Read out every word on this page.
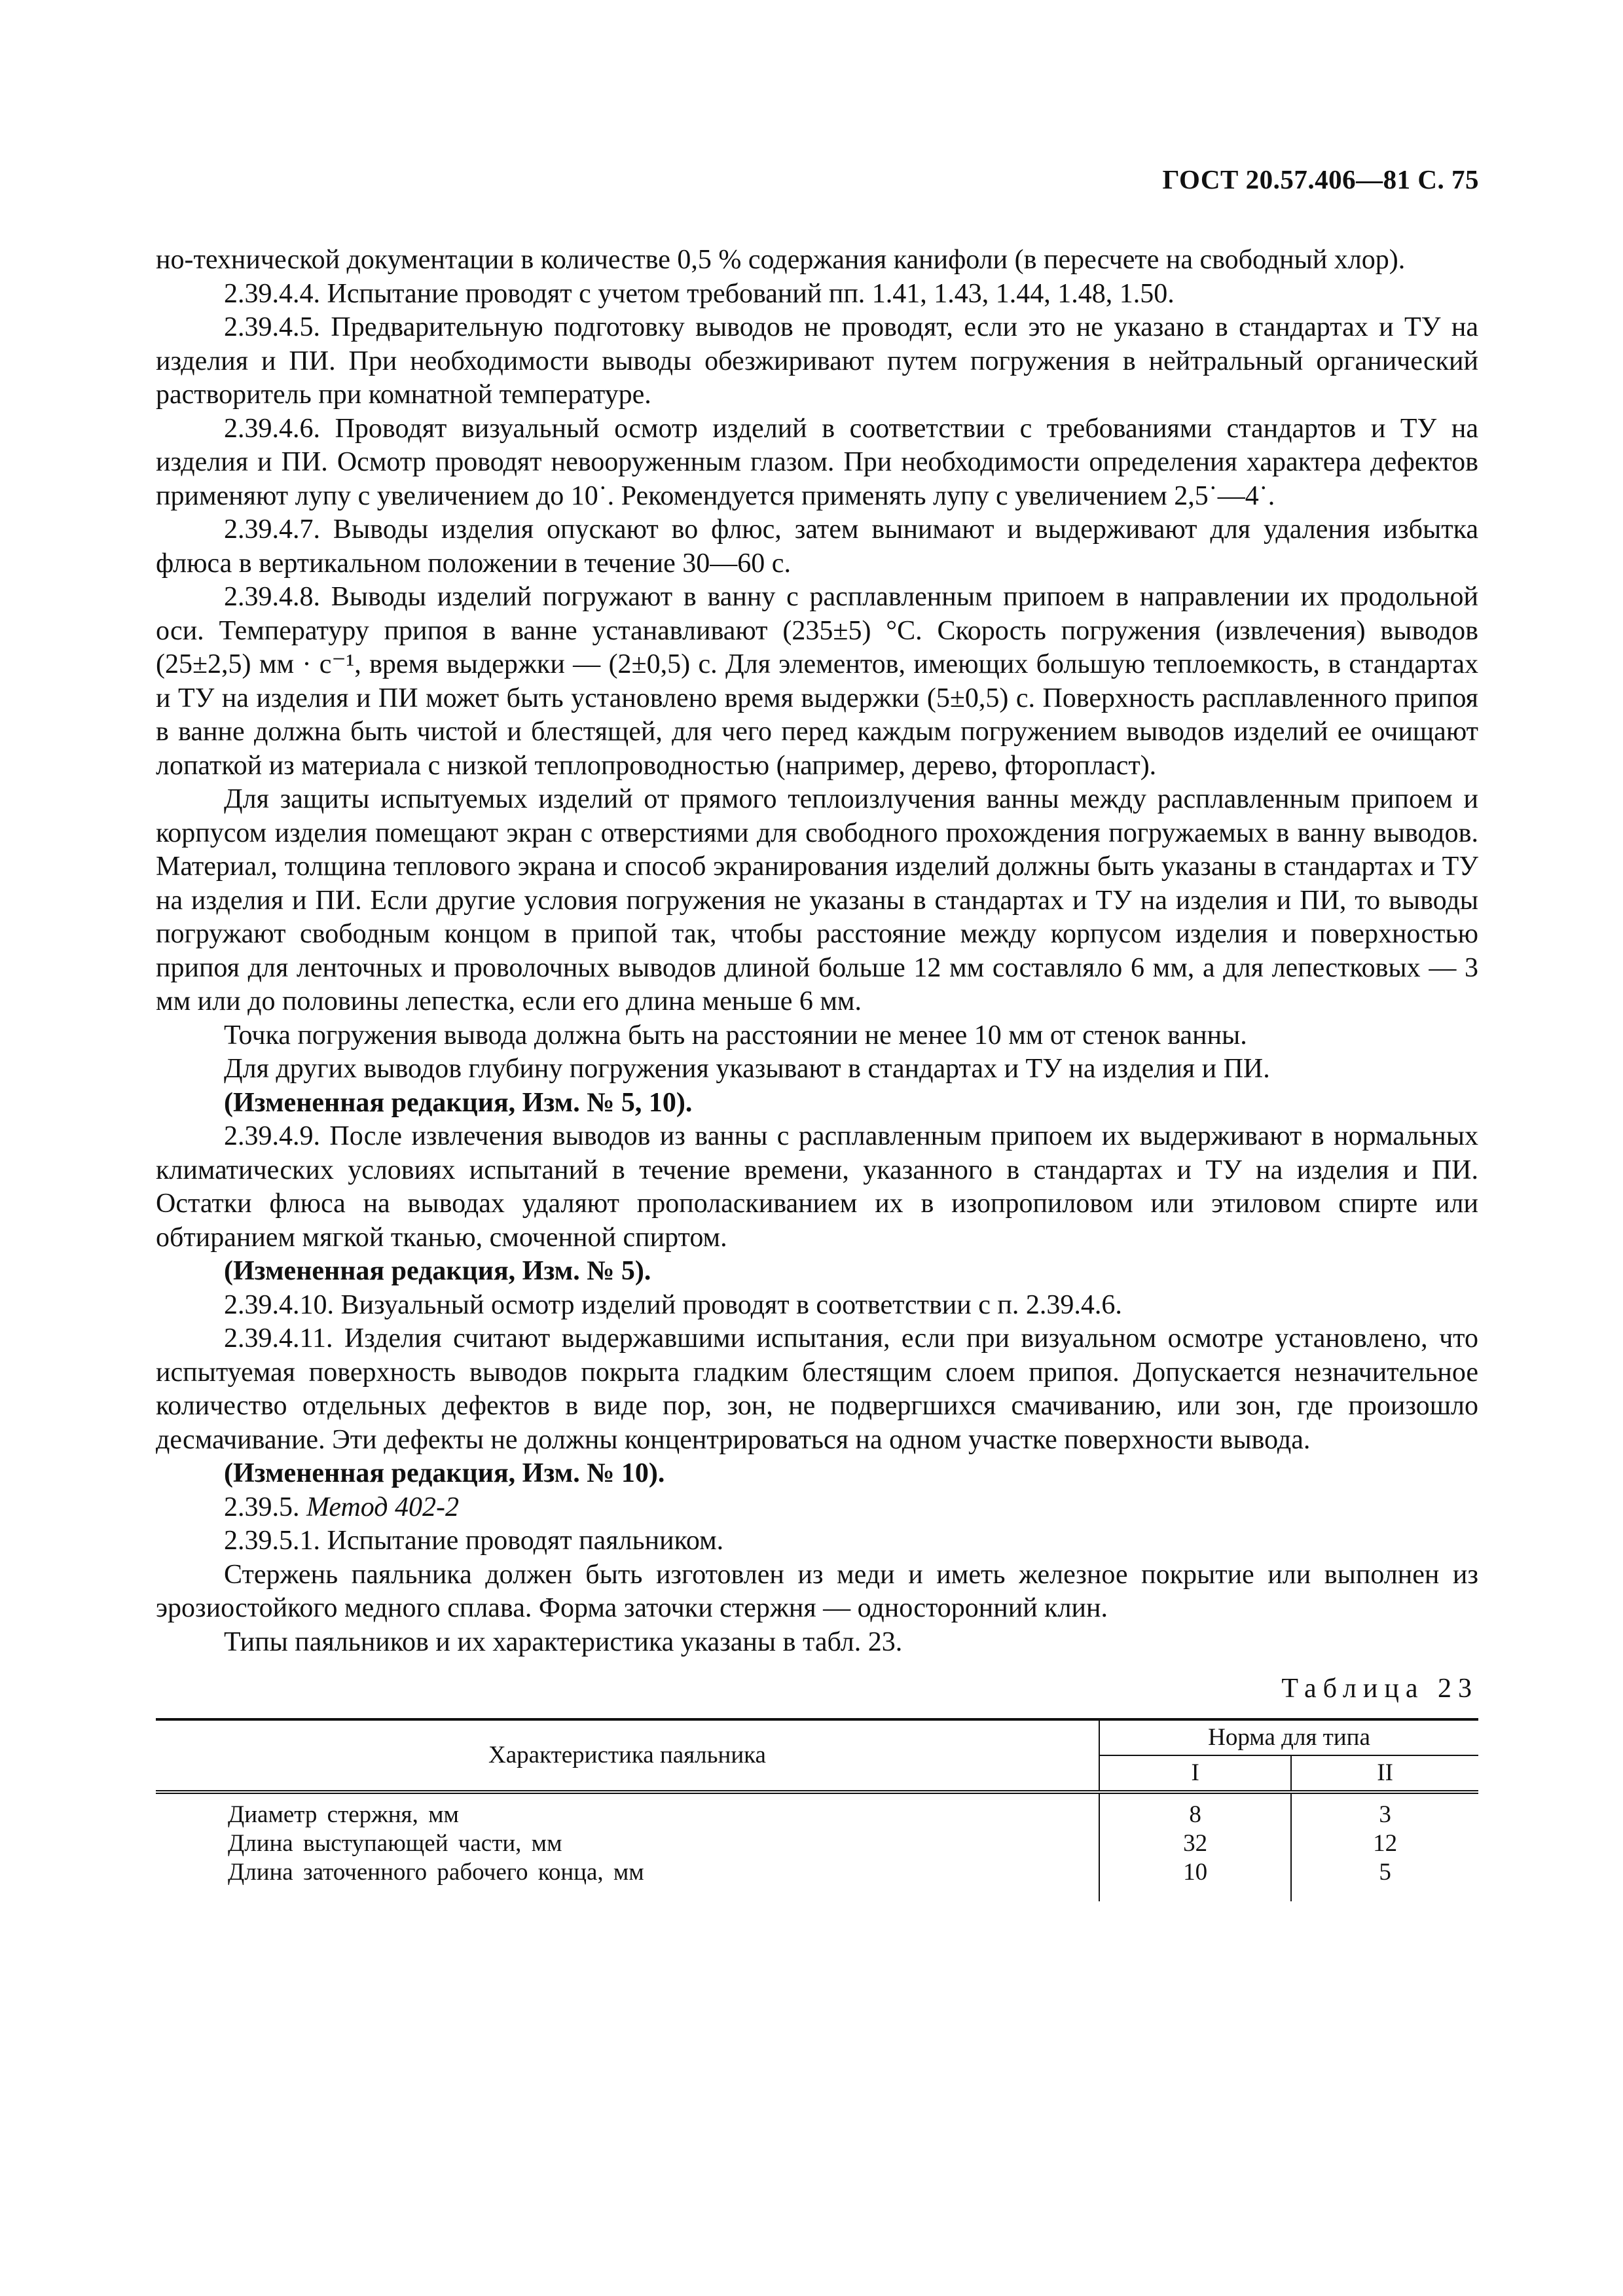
ГОСТ 20.57.406—81 С. 75

но-технической документации в количестве 0,5 % содержания канифоли (в пересчете на свободный хлор).

2.39.4.4. Испытание проводят с учетом требований пп. 1.41, 1.43, 1.44, 1.48, 1.50.

2.39.4.5. Предварительную подготовку выводов не проводят, если это не указано в стандартах и ТУ на изделия и ПИ. При необходимости выводы обезжиривают путем погружения в нейтральный органический растворитель при комнатной температуре.

2.39.4.6. Проводят визуальный осмотр изделий в соответствии с требованиями стандартов и ТУ на изделия и ПИ. Осмотр проводят невооруженным глазом. При необходимости определения характера дефектов применяют лупу с увеличением до 10˙. Рекомендуется применять лупу с увеличением 2,5˙—4˙.

2.39.4.7. Выводы изделия опускают во флюс, затем вынимают и выдерживают для удаления избытка флюса в вертикальном положении в течение 30—60 с.

2.39.4.8. Выводы изделий погружают в ванну с расплавленным припоем в направлении их продольной оси. Температуру припоя в ванне устанавливают (235±5) °С. Скорость погружения (извлечения) выводов (25±2,5) мм · с⁻¹, время выдержки — (2±0,5) с. Для элементов, имеющих большую теплоемкость, в стандартах и ТУ на изделия и ПИ может быть установлено время выдержки (5±0,5) с. Поверхность расплавленного припоя в ванне должна быть чистой и блестящей, для чего перед каждым погружением выводов изделий ее очищают лопаткой из материала с низкой теплопроводностью (например, дерево, фторопласт).

Для защиты испытуемых изделий от прямого теплоизлучения ванны между расплавленным припоем и корпусом изделия помещают экран с отверстиями для свободного прохождения погружаемых в ванну выводов. Материал, толщина теплового экрана и способ экранирования изделий должны быть указаны в стандартах и ТУ на изделия и ПИ. Если другие условия погружения не указаны в стандартах и ТУ на изделия и ПИ, то выводы погружают свободным концом в припой так, чтобы расстояние между корпусом изделия и поверхностью припоя для ленточных и проволочных выводов длиной больше 12 мм составляло 6 мм, а для лепестковых — 3 мм или до половины лепестка, если его длина меньше 6 мм.

Точка погружения вывода должна быть на расстоянии не менее 10 мм от стенок ванны.

Для других выводов глубину погружения указывают в стандартах и ТУ на изделия и ПИ.

(Измененная редакция, Изм. № 5, 10).

2.39.4.9. После извлечения выводов из ванны с расплавленным припоем их выдерживают в нормальных климатических условиях испытаний в течение времени, указанного в стандартах и ТУ на изделия и ПИ. Остатки флюса на выводах удаляют прополаскиванием их в изопропиловом или этиловом спирте или обтиранием мягкой тканью, смоченной спиртом.

(Измененная редакция, Изм. № 5).

2.39.4.10. Визуальный осмотр изделий проводят в соответствии с п. 2.39.4.6.

2.39.4.11. Изделия считают выдержавшими испытания, если при визуальном осмотре установлено, что испытуемая поверхность выводов покрыта гладким блестящим слоем припоя. Допускается незначительное количество отдельных дефектов в виде пор, зон, не подвергшихся смачиванию, или зон, где произошло десмачивание. Эти дефекты не должны концентрироваться на одном участке поверхности вывода.

(Измененная редакция, Изм. № 10).

2.39.5. Метод 402-2

2.39.5.1. Испытание проводят паяльником.

Стержень паяльника должен быть изготовлен из меди и иметь железное покрытие или выполнен из эрозиостойкого медного сплава. Форма заточки стержня — односторонний клин.

Типы паяльников и их характеристика указаны в табл. 23.

Таблица 23

Характеристика паяльника	Норма для типа	
	I	II
Диаметр стержня, мм	8	3
Длина выступающей части, мм	32	12
Длина заточенного рабочего конца, мм	10	5
